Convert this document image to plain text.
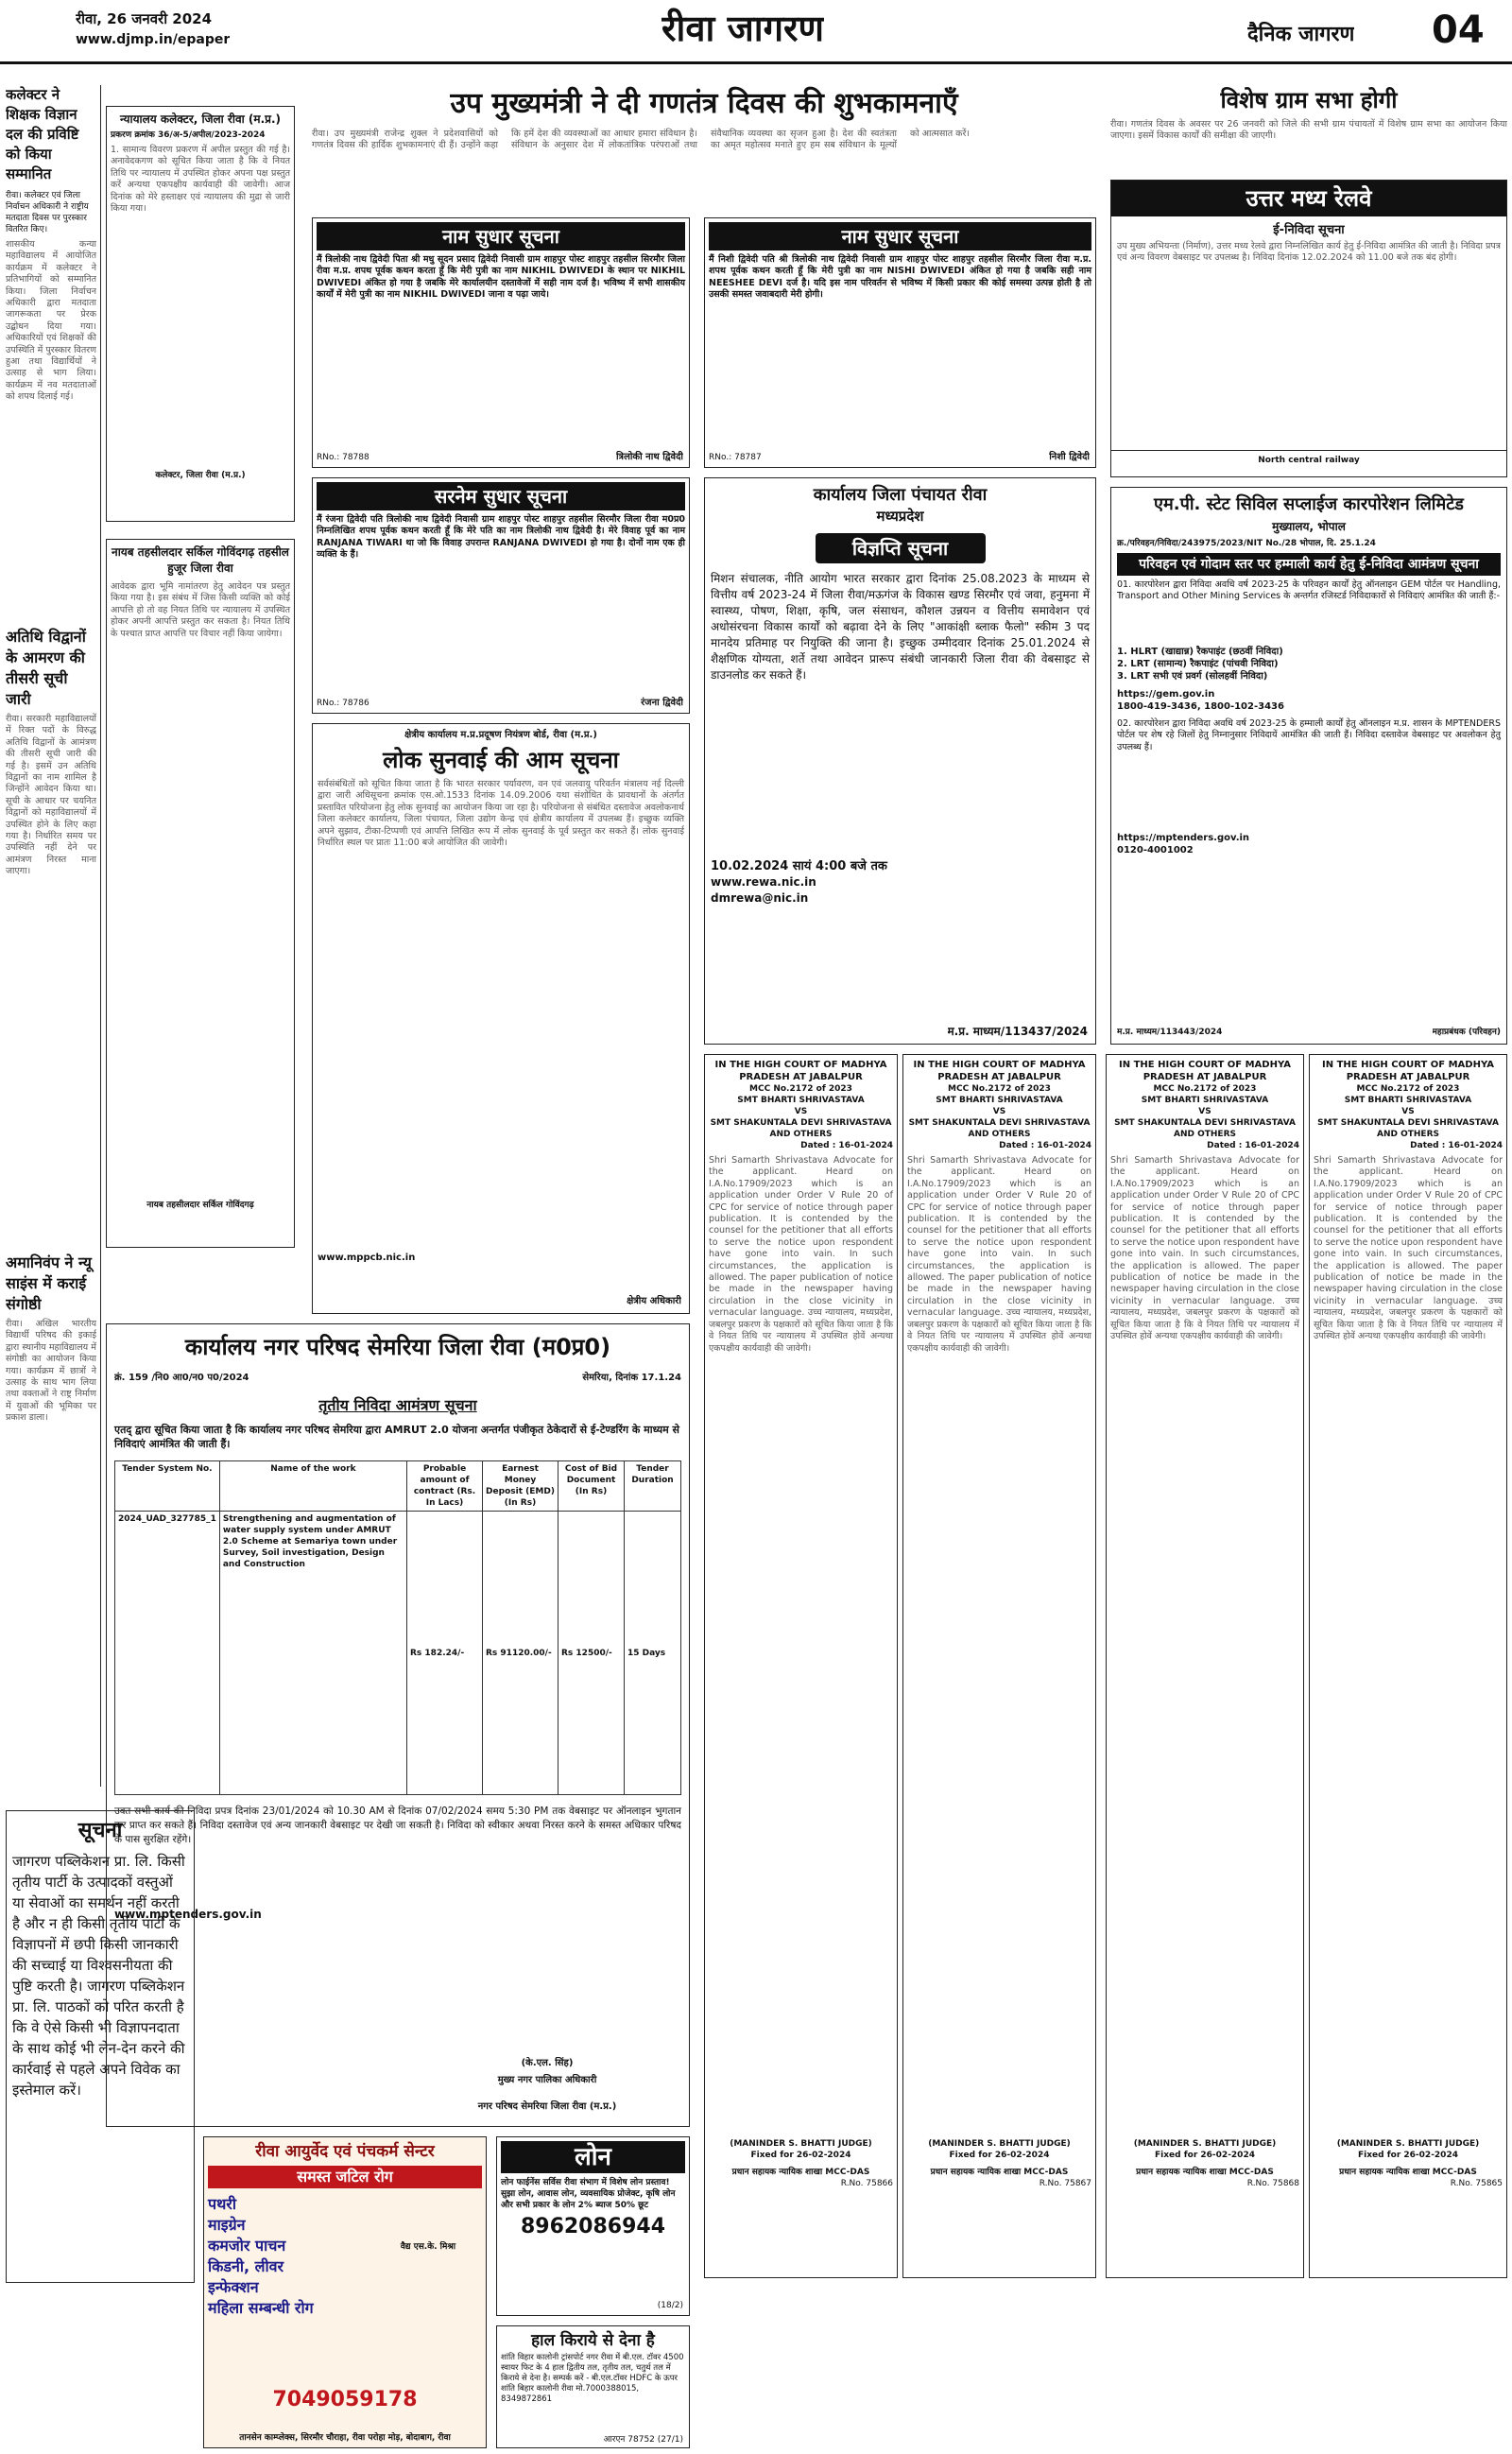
रीवा, 26 जनवरी 2024
www.djmp.in/epaper	रीवा जागरण	दैनिक जागरण 04
कलेक्टर ने शिक्षक विज्ञान दल की प्रविष्टि को किया सम्मानित
रीवा। कलेक्टर एवं जिला निर्वाचन अधिकारी ने राष्ट्रीय मतदाता दिवस पर पुरस्कार वितरित किए।
शासकीय कन्या महाविद्यालय में आयोजित कार्यक्रम में कलेक्टर ने प्रतिभागियों को सम्मानित किया। जिला निर्वाचन अधिकारी द्वारा मतदाता जागरूकता पर प्रेरक उद्बोधन दिया गया। अधिकारियों एवं शिक्षकों की उपस्थिति में पुरस्कार वितरण हुआ तथा विद्यार्थियों ने उत्साह से भाग लिया। कार्यक्रम में नव मतदाताओं को शपथ दिलाई गई।
अतिथि विद्वानों के आमरण की तीसरी सूची जारी
रीवा। सरकारी महाविद्यालयों में रिक्त पदों के विरुद्ध अतिथि विद्वानों के आमंत्रण की तीसरी सूची जारी की गई है। इसमें उन अतिथि विद्वानों का नाम शामिल है जिन्होंने आवेदन किया था। सूची के आधार पर चयनित विद्वानों को महाविद्यालयों में उपस्थित होने के लिए कहा गया है। निर्धारित समय पर उपस्थिति नहीं देने पर आमंत्रण निरस्त माना जाएगा।
अमानिवंप ने न्यू साइंस में कराई संगोष्ठी
रीवा। अखिल भारतीय विद्यार्थी परिषद की इकाई द्वारा स्थानीय महाविद्यालय में संगोष्ठी का आयोजन किया गया। कार्यक्रम में छात्रों ने उत्साह के साथ भाग लिया तथा वक्ताओं ने राष्ट्र निर्माण में युवाओं की भूमिका पर प्रकाश डाला।
न्यायालय कलेक्टर, जिला रीवा (म.प्र.)
प्रकरण क्रमांक 36/अ-5/अपील/2023-2024
1. सामान्य विवरण प्रकरण में अपील प्रस्तुत की गई है। अनावेदकगण को सूचित किया जाता है कि वे नियत तिथि पर न्यायालय में उपस्थित होकर अपना पक्ष प्रस्तुत करें अन्यथा एकपक्षीय कार्यवाही की जावेगी। आज दिनांक को मेरे हस्ताक्षर एवं न्यायालय की मुद्रा से जारी किया गया।
कलेक्टर, जिला रीवा (म.प्र.)
नायब तहसीलदार सर्किल गोविंदगढ़ तहसील हुजूर जिला रीवा
आवेदक द्वारा भूमि नामांतरण हेतु आवेदन पत्र प्रस्तुत किया गया है। इस संबंध में जिस किसी व्यक्ति को कोई आपत्ति हो तो वह नियत तिथि पर न्यायालय में उपस्थित होकर अपनी आपत्ति प्रस्तुत कर सकता है। नियत तिथि के पश्चात प्राप्त आपत्ति पर विचार नहीं किया जायेगा।
नायब तहसीलदार सर्किल गोविंदगढ़
उप मुख्यमंत्री ने दी गणतंत्र दिवस की शुभकामनाएँ
रीवा। उप मुख्यमंत्री राजेन्द्र शुक्ल ने प्रदेशवासियों को गणतंत्र दिवस की हार्दिक शुभकामनाएं दी हैं। उन्होंने कहा कि हमें देश की व्यवस्थाओं का आधार हमारा संविधान है। संविधान के अनुसार देश में लोकतांत्रिक परंपराओं तथा संवैधानिक व्यवस्था का सृजन हुआ है। देश की स्वतंत्रता का अमृत महोत्सव मनाते हुए हम सब संविधान के मूल्यों को आत्मसात करें।
विशेष ग्राम सभा होगी
रीवा। गणतंत्र दिवस के अवसर पर 26 जनवरी को जिले की सभी ग्राम पंचायतों में विशेष ग्राम सभा का आयोजन किया जाएगा। इसमें विकास कार्यों की समीक्षा की जाएगी।
उत्तर मध्य रेलवे
ई-निविदा सूचना
उप मुख्य अभियन्ता (निर्माण), उत्तर मध्य रेलवे द्वारा निम्नलिखित कार्य हेतु ई-निविदा आमंत्रित की जाती है। निविदा प्रपत्र एवं अन्य विवरण वेबसाइट पर उपलब्ध है। निविदा दिनांक 12.02.2024 को 11.00 बजे तक बंद होगी।
North central railway
नाम सुधार सूचना
मैं त्रिलोकी नाथ द्विवेदी पिता श्री मधु सूदन प्रसाद द्विवेदी निवासी ग्राम शाहपुर पोस्ट शाहपुर तहसील सिरमौर जिला रीवा म.प्र. शपथ पूर्वक कथन करता हूँ कि मेरी पुत्री का नाम NIKHIL DWIVEDI के स्थान पर NIKHIL DWIVEDI अंकित हो गया है जबकि मेरे कार्यालयीन दस्तावेजों में सही नाम दर्ज है। भविष्य में सभी शासकीय कार्यों में मेरी पुत्री का नाम NIKHIL DWIVEDI जाना व पढ़ा जाये।
RNo.: 78788	त्रिलोकी नाथ द्विवेदी
नाम सुधार सूचना
मैं निशी द्विवेदी पति श्री त्रिलोकी नाथ द्विवेदी निवासी ग्राम शाहपुर पोस्ट शाहपुर तहसील सिरमौर जिला रीवा म.प्र. शपथ पूर्वक कथन करती हूँ कि मेरी पुत्री का नाम NISHI DWIVEDI अंकित हो गया है जबकि सही नाम NEESHEE DEVI दर्ज है। यदि इस नाम परिवर्तन से भविष्य में किसी प्रकार की कोई समस्या उत्पन्न होती है तो उसकी समस्त जवाबदारी मेरी होगी।
RNo.: 78787	निशी द्विवेदी
सरनेम सुधार सूचना
मैं रंजना द्विवेदी पति त्रिलोकी नाथ द्विवेदी निवासी ग्राम शाहपुर पोस्ट शाहपुर तहसील सिरमौर जिला रीवा म0प्र0 निम्नलिखित शपथ पूर्वक कथन करती हूँ कि मेरे पति का नाम त्रिलोकी नाथ द्विवेदी है। मेरे विवाह पूर्व का नाम RANJANA TIWARI था जो कि विवाह उपरान्त RANJANA DWIVEDI हो गया है। दोनों नाम एक ही व्यक्ति के हैं।
RNo.: 78786	रंजना द्विवेदी
कार्यालय जिला पंचायत रीवा
मध्यप्रदेश
विज्ञप्ति सूचना
मिशन संचालक, नीति आयोग भारत सरकार द्वारा दिनांक 25.08.2023 के माध्यम से वित्तीय वर्ष 2023-24 में जिला रीवा/मऊगंज के विकास खण्ड सिरमौर एवं जवा, हनुमना में स्वास्थ्य, पोषण, शिक्षा, कृषि, जल संसाधन, कौशल उन्नयन व वित्तीय समावेशन एवं अधोसंरचना विकास कार्यों को बढ़ावा देने के लिए "आकांक्षी ब्लाक फैलो" स्कीम 3 पद मानदेय प्रतिमाह पर नियुक्ति की जाना है। इच्छुक उम्मीदवार दिनांक 25.01.2024 से शैक्षणिक योग्यता, शर्ते तथा आवेदन प्रारूप संबंधी जानकारी जिला रीवा की वेबसाइट से डाउनलोड कर सकते हैं।
10.02.2024 सायं 4:00 बजे तक
www.rewa.nic.in
dmrewa@nic.in
म.प्र. माध्यम/113437/2024
एम.पी. स्टेट सिविल सप्लाईज कारपोरेशन लिमिटेड
मुख्यालय, भोपाल
क्र./परिवहन/निविदा/243975/2023/NIT No./28 भोपाल, दि. 25.1.24
परिवहन एवं गोदाम स्तर पर हम्माली कार्य हेतु ई-निविदा आमंत्रण सूचना
01. कारपोरेशन द्वारा निविदा अवधि वर्ष 2023-25 के परिवहन कार्यों हेतु ऑनलाइन GEM पोर्टल पर Handling, Transport and Other Mining Services के अन्तर्गत रजिस्टर्ड निविदाकारों से निविदाएं आमंत्रित की जाती हैं:-
1. HLRT (खाद्यान्न) रैकपाइंट (छठवीं निविदा)
2. LRT (सामान्य) रैकपाइंट (पांचवी निविदा)
3. LRT सभी एवं प्रवर्ग (सोलहवीं निविदा)
https://gem.gov.in
1800-419-3436, 1800-102-3436
02. कारपोरेशन द्वारा निविदा अवधि वर्ष 2023-25 के हम्माली कार्यों हेतु ऑनलाइन म.प्र. शासन के MPTENDERS पोर्टल पर शेष रहे जिलों हेतु निम्नानुसार निविदायें आमंत्रित की जाती हैं। निविदा दस्तावेज वेबसाइट पर अवलोकन हेतु उपलब्ध हैं।
https://mptenders.gov.in
0120-4001002
म.प्र. माध्यम/113443/2024	महाप्रबंधक (परिवहन)
क्षेत्रीय कार्यालय म.प्र.प्रदूषण नियंत्रण बोर्ड, रीवा (म.प्र.)
लोक सुनवाई की आम सूचना
सर्वसंबंधितों को सूचित किया जाता है कि भारत सरकार पर्यावरण, वन एवं जलवायु परिवर्तन मंत्रालय नई दिल्ली द्वारा जारी अधिसूचना क्रमांक एस.ओ.1533 दिनांक 14.09.2006 यथा संशोधित के प्रावधानों के अंतर्गत प्रस्तावित परियोजना हेतु लोक सुनवाई का आयोजन किया जा रहा है। परियोजना से संबंधित दस्तावेज अवलोकनार्थ जिला कलेक्टर कार्यालय, जिला पंचायत, जिला उद्योग केन्द्र एवं क्षेत्रीय कार्यालय में उपलब्ध हैं। इच्छुक व्यक्ति अपने सुझाव, टीका-टिप्पणी एवं आपत्ति लिखित रूप में लोक सुनवाई के पूर्व प्रस्तुत कर सकते हैं। लोक सुनवाई निर्धारित स्थल पर प्रातः 11:00 बजे आयोजित की जावेगी।
www.mppcb.nic.in
क्षेत्रीय अधिकारी
IN THE HIGH COURT OF MADHYA PRADESH AT JABALPUR
MCC No.2172 of 2023
SMT BHARTI SHRIVASTAVA
VS
SMT SHAKUNTALA DEVI SHRIVASTAVA AND OTHERS
Dated : 16-01-2024
Shri Samarth Shrivastava Advocate for the applicant. Heard on I.A.No.17909/2023 which is an application under Order V Rule 20 of CPC for service of notice through paper publication. It is contended by the counsel for the petitioner that all efforts to serve the notice upon respondent have gone into vain. In such circumstances, the application is allowed. The paper publication of notice be made in the newspaper having circulation in the close vicinity in vernacular language. उच्च न्यायालय, मध्यप्रदेश, जबलपुर प्रकरण के पक्षकारों को सूचित किया जाता है कि वे नियत तिथि पर न्यायालय में उपस्थित होवें अन्यथा एकपक्षीय कार्यवाही की जावेगी।
(MANINDER S. BHATTI JUDGE)
Fixed for 26-02-2024
प्रधान सहायक न्यायिक शाखा MCC-DAS
R.No. 75866
IN THE HIGH COURT OF MADHYA PRADESH AT JABALPUR
MCC No.2172 of 2023
SMT BHARTI SHRIVASTAVA
VS
SMT SHAKUNTALA DEVI SHRIVASTAVA AND OTHERS
Dated : 16-01-2024
Shri Samarth Shrivastava Advocate for the applicant. Heard on I.A.No.17909/2023 which is an application under Order V Rule 20 of CPC for service of notice through paper publication. It is contended by the counsel for the petitioner that all efforts to serve the notice upon respondent have gone into vain. In such circumstances, the application is allowed. The paper publication of notice be made in the newspaper having circulation in the close vicinity in vernacular language. उच्च न्यायालय, मध्यप्रदेश, जबलपुर प्रकरण के पक्षकारों को सूचित किया जाता है कि वे नियत तिथि पर न्यायालय में उपस्थित होवें अन्यथा एकपक्षीय कार्यवाही की जावेगी।
(MANINDER S. BHATTI JUDGE)
Fixed for 26-02-2024
प्रधान सहायक न्यायिक शाखा MCC-DAS
R.No. 75867
IN THE HIGH COURT OF MADHYA PRADESH AT JABALPUR
MCC No.2172 of 2023
SMT BHARTI SHRIVASTAVA
VS
SMT SHAKUNTALA DEVI SHRIVASTAVA AND OTHERS
Dated : 16-01-2024
Shri Samarth Shrivastava Advocate for the applicant. Heard on I.A.No.17909/2023 which is an application under Order V Rule 20 of CPC for service of notice through paper publication. It is contended by the counsel for the petitioner that all efforts to serve the notice upon respondent have gone into vain. In such circumstances, the application is allowed. The paper publication of notice be made in the newspaper having circulation in the close vicinity in vernacular language. उच्च न्यायालय, मध्यप्रदेश, जबलपुर प्रकरण के पक्षकारों को सूचित किया जाता है कि वे नियत तिथि पर न्यायालय में उपस्थित होवें अन्यथा एकपक्षीय कार्यवाही की जावेगी।
(MANINDER S. BHATTI JUDGE)
Fixed for 26-02-2024
प्रधान सहायक न्यायिक शाखा MCC-DAS
R.No. 75868
IN THE HIGH COURT OF MADHYA PRADESH AT JABALPUR
MCC No.2172 of 2023
SMT BHARTI SHRIVASTAVA
VS
SMT SHAKUNTALA DEVI SHRIVASTAVA AND OTHERS
Dated : 16-01-2024
Shri Samarth Shrivastava Advocate for the applicant. Heard on I.A.No.17909/2023 which is an application under Order V Rule 20 of CPC for service of notice through paper publication. It is contended by the counsel for the petitioner that all efforts to serve the notice upon respondent have gone into vain. In such circumstances, the application is allowed. The paper publication of notice be made in the newspaper having circulation in the close vicinity in vernacular language. उच्च न्यायालय, मध्यप्रदेश, जबलपुर प्रकरण के पक्षकारों को सूचित किया जाता है कि वे नियत तिथि पर न्यायालय में उपस्थित होवें अन्यथा एकपक्षीय कार्यवाही की जावेगी।
(MANINDER S. BHATTI JUDGE)
Fixed for 26-02-2024
प्रधान सहायक न्यायिक शाखा MCC-DAS
R.No. 75865
कार्यालय नगर परिषद सेमरिया जिला रीवा (म0प्र0)
क्रं. 159 /नि0 आ0/न0 प0/2024	सेमरिया, दिनांक 17.1.24
तृतीय निविदा आमंत्रण सूचना
एतद् द्वारा सूचित किया जाता है कि कार्यालय नगर परिषद सेमरिया द्वारा AMRUT 2.0 योजना अन्तर्गत पंजीकृत ठेकेदारों से ई-टेण्डरिंग के माध्यम से निविदाएं आमंत्रित की जाती हैं।
Tender System No.	Name of the work	Probable amount of contract (Rs. In Lacs)	Earnest Money Deposit (EMD) (In Rs)	Cost of Bid Document (In Rs)	Tender Duration
2024_UAD_327785_1	Strengthening and augmentation of water supply system under AMRUT 2.0 Scheme at Semariya town under Survey, Soil investigation, Design and Construction	Rs 182.24/-	Rs 91120.00/-	Rs 12500/-	15 Days
उक्त सभी कार्य की निविदा प्रपत्र दिनांक 23/01/2024 को 10.30 AM से दिनांक 07/02/2024 समय 5:30 PM तक वेबसाइट पर ऑनलाइन भुगतान कर प्राप्त कर सकते हैं। निविदा दस्तावेज एवं अन्य जानकारी वेबसाइट पर देखी जा सकती है। निविदा को स्वीकार अथवा निरस्त करने के समस्त अधिकार परिषद के पास सुरक्षित रहेंगे।
www.mptenders.gov.in
(के.एल. सिंह)
मुख्य नगर पालिका अधिकारी
नगर परिषद सेमरिया जिला रीवा (म.प्र.)
सूचना
जागरण पब्लिकेशन प्रा. लि. किसी तृतीय पार्टी के उत्पादकों वस्तुओं या सेवाओं का समर्थन नहीं करती है और न ही किसी तृतीय पार्टी के विज्ञापनों में छपी किसी जानकारी की सच्चाई या विश्वसनीयता की पुष्टि करती है। जागरण पब्लिकेशन प्रा. लि. पाठकों को परित करती है कि वे ऐसे किसी भी विज्ञापनदाता के साथ कोई भी लेन-देन करने की कार्रवाई से पहले अपने विवेक का इस्तेमाल करें।
रीवा आयुर्वेद एवं पंचकर्म सेन्टर
समस्त जटिल रोग
पथरी
माइग्रेन
कमजोर पाचन
किडनी, लीवर
इन्फेक्शन
महिला सम्बन्धी रोग
वैद्य एस.के. मिश्रा
7049059178
तानसेन काम्प्लेक्स, सिरमौर चौराहा, रीवा परोहा मोड़, बोदाबाग, रीवा
लोन
लोन फाईनेंस सर्विस रीवा संभाग में विशेष लोन प्रस्ताव! सुझा लोन, आवास लोन, व्यवसायिक प्रोजेक्ट, कृषि लोन और सभी प्रकार के लोन 2% ब्याज 50% छूट
8962086944
(18/2)
हाल किराये से देना है
शांति विहार कालोनी ट्रांसपोर्ट नगर रीवा में बी.एल. टॉवर 4500 स्वायर फिट के 4 हाल द्वितीय तल, तृतीय तल, चतुर्थ तल में किराये से देना है। सम्पर्क करें - बी.एल.टॉवर HDFC के ऊपर शांति बिहार कालोनी रीवा मो.7000388015, 8349872861
आरएन 78752 (27/1)
